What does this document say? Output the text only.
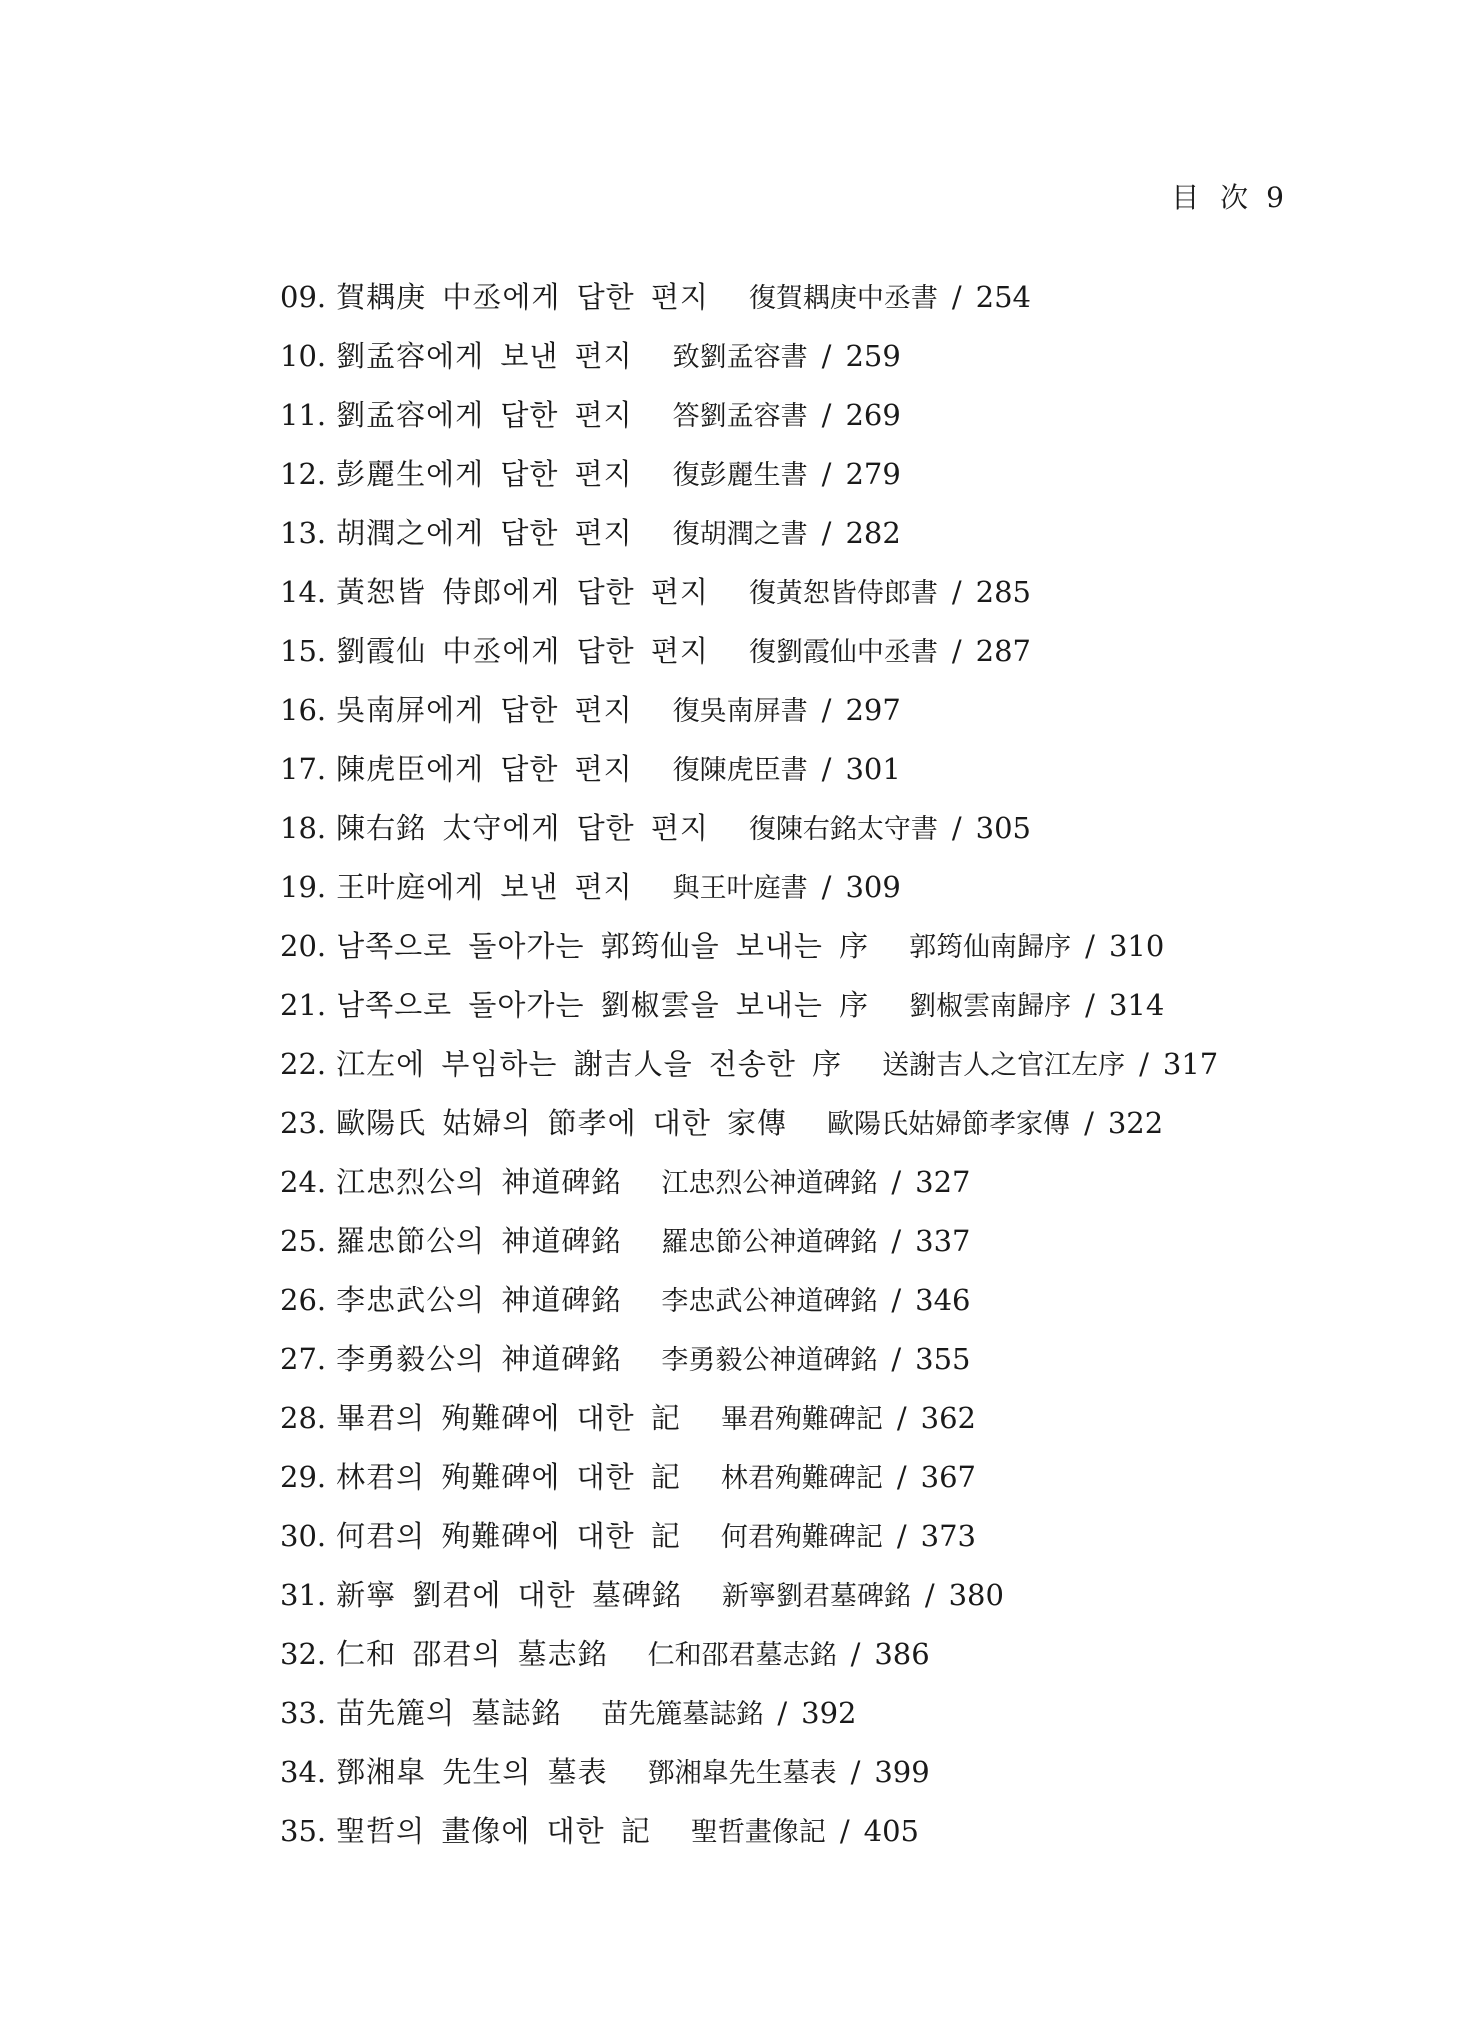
目 次 9
09. 賀耦庚 中丞에게 답한 편지 復賀耦庚中丞書 / 254
10. 劉孟容에게 보낸 편지 致劉孟容書 / 259
11. 劉孟容에게 답한 편지 答劉孟容書 / 269
12. 彭麗生에게 답한 편지 復彭麗生書 / 279
13. 胡潤之에게 답한 편지 復胡潤之書 / 282
14. 黃恕皆 侍郎에게 답한 편지 復黃恕皆侍郎書 / 285
15. 劉霞仙 中丞에게 답한 편지 復劉霞仙中丞書 / 287
16. 吳南屏에게 답한 편지 復吳南屏書 / 297
17. 陳虎臣에게 답한 편지 復陳虎臣書 / 301
18. 陳右銘 太守에게 답한 편지 復陳右銘太守書 / 305
19. 王叶庭에게 보낸 편지 與王叶庭書 / 309
20. 남쪽으로 돌아가는 郭筠仙을 보내는 序 郭筠仙南歸序 / 310
21. 남쪽으로 돌아가는 劉椒雲을 보내는 序 劉椒雲南歸序 / 314
22. 江左에 부임하는 謝吉人을 전송한 序 送謝吉人之官江左序 / 317
23. 歐陽氏 姑婦의 節孝에 대한 家傳 歐陽氏姑婦節孝家傳 / 322
24. 江忠烈公의 神道碑銘 江忠烈公神道碑銘 / 327
25. 羅忠節公의 神道碑銘 羅忠節公神道碑銘 / 337
26. 李忠武公의 神道碑銘 李忠武公神道碑銘 / 346
27. 李勇毅公의 神道碑銘 李勇毅公神道碑銘 / 355
28. 畢君의 殉難碑에 대한 記 畢君殉難碑記 / 362
29. 林君의 殉難碑에 대한 記 林君殉難碑記 / 367
30. 何君의 殉難碑에 대한 記 何君殉難碑記 / 373
31. 新寧 劉君에 대한 墓碑銘 新寧劉君墓碑銘 / 380
32. 仁和 邵君의 墓志銘 仁和邵君墓志銘 / 386
33. 苗先簏의 墓誌銘 苗先簏墓誌銘 / 392
34. 鄧湘皐 先生의 墓表 鄧湘皐先生墓表 / 399
35. 聖哲의 畫像에 대한 記 聖哲畫像記 / 405
